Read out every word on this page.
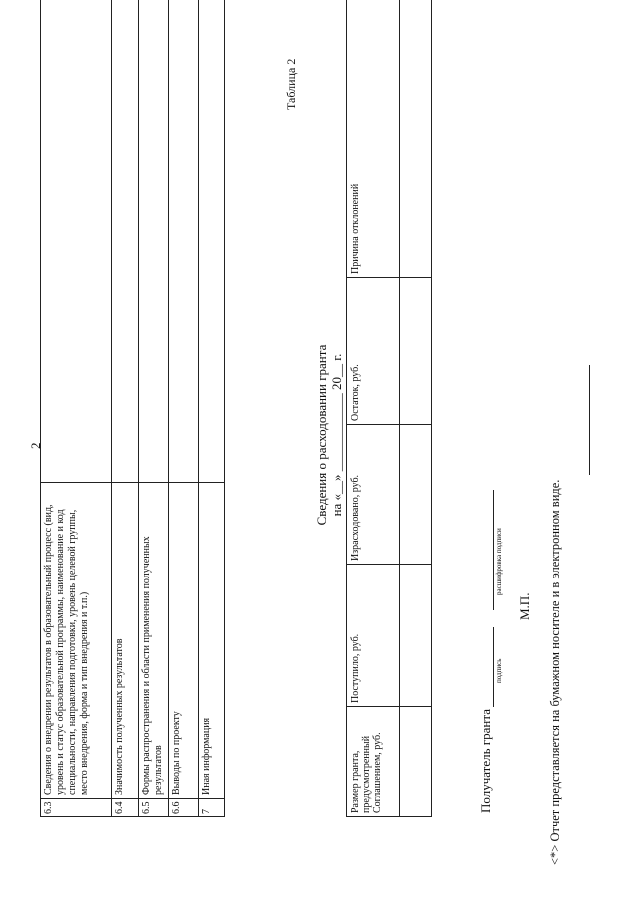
2
6.3
Сведения о внедрении результатов в образовательный процесс (вид, уровень и статус образовательной программы, наименование и код специальности, направления подготовки, уровень целевой группы, место внедрения, форма и тип внедрения и т.п.)
6.4
Значимость полученных результатов
6.5
Формы распространения и области применения полученных результатов
6.6
Выводы по проекту
7
Иная информация
Таблица 2
Сведения о расходовании гранта на «__» ____________ 20__ г.
Размер гранта, предусмотренный Соглашением, руб.
Поступило, руб.
Израсходовано, руб.
Остаток, руб.
Причина отклонений
Получатель гранта
подпись
расшифровка подписи
М.П. <*> Отчет представляется на бумажном носителе и в электронном виде.
